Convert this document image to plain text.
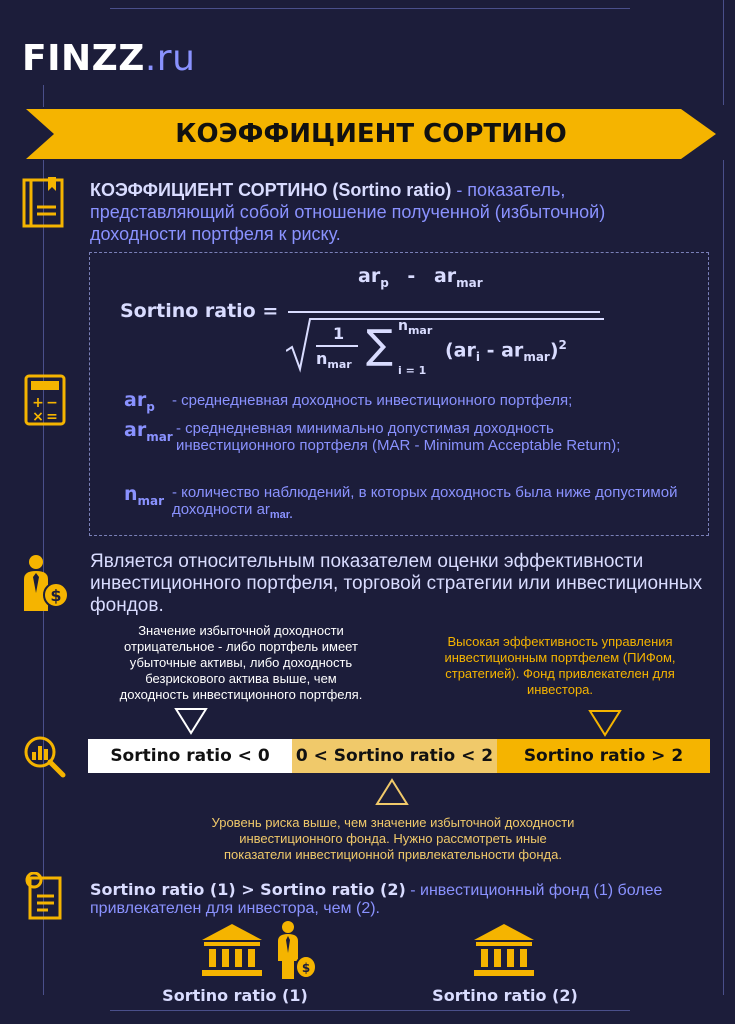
FINZZ.ru
КОЭФФИЦИЕНТ СОРТИНО
КОЭФФИЦИЕНТ СОРТИНО (Sortino ratio) - показатель, представляющий собой отношение полученной (избыточной) доходности портфеля к риску.
Sortino ratio =
$ar_p - ar_{mar}$
1
$n_{mar}$ ∑ $n_{mar}$
i = 1
$(ar_i - ar_{mar})^2$
+ −
× =
$ar_p$ - среднедневная доходность инвестиционного портфеля;
$ar_{mar}$ - среднедневная минимально допустимая доходность инвестиционного портфеля (MAR - Minimum Acceptable Return);
$n_{mar}$ - количество наблюдений, в которых доходность была ниже допустимой доходности $ar_{mar.}$
$
Является относительным показателем оценки эффективности инвестиционного портфеля, торговой стратегии или инвестиционных фондов.
Значение избыточной доходности отрицательное - либо портфель имеет убыточные активы, либо доходность безрискового актива выше, чем доходность инвестиционного портфеля.
Высокая эффективность управления инвестиционным портфелем (ПИФом, стратегией). Фонд привлекателен для инвестора.
Sortino ratio < 0	0 < Sortino ratio < 2	Sortino ratio > 2
Уровень риска выше, чем значение избыточной доходности инвестиционного фонда. Нужно рассмотреть иные показатели инвестиционной привлекательности фонда.
Sortino ratio (1) > Sortino ratio (2) - инвестиционный фонд (1) более привлекателен для инвестора, чем (2).
$
Sortino ratio (1)	Sortino ratio (2)
